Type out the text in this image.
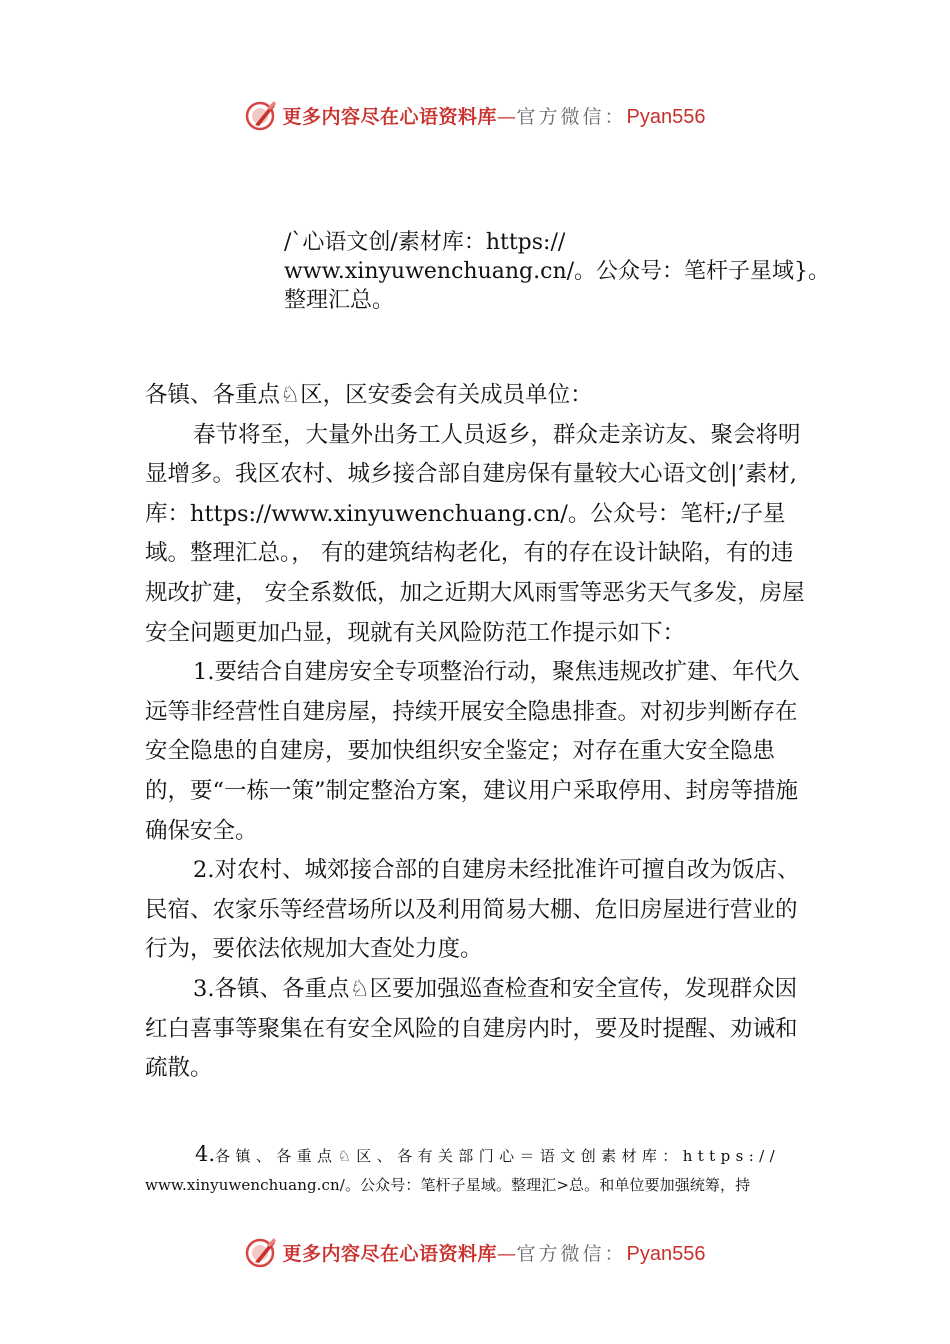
更多内容尽在心语资料库—官方微信：Pyan556
/`心语文创/素材库：https://
www.xinyuwenchuang.cn/。公众号：笔杆子星域}。
整理汇总。

各镇、各重点♘区，区安委会有关成员单位：

春节将至，大量外出务工人员返乡，群众走亲访友、聚会将明显增多。我区农村、城乡接合部自建房保有量较大心语文创|’素材,库：https://www.xinyuwenchuang.cn/。公众号：笔杆;/子星域。整理汇总。， 有的建筑结构老化，有的存在设计缺陷，有的违规改扩建， 安全系数低，加之近期大风雨雪等恶劣天气多发，房屋安全问题更加凸显，现就有关风险防范工作提示如下：

1.要结合自建房安全专项整治行动，聚焦违规改扩建、年代久远等非经营性自建房屋，持续开展安全隐患排查。对初步判断存在安全隐患的自建房，要加快组织安全鉴定；对存在重大安全隐患的，要“一栋一策”制定整治方案，建议用户采取停用、封房等措施确保安全。

2.对农村、城郊接合部的自建房未经批准许可擅自改为饭店、民宿、农家乐等经营场所以及利用简易大棚、危旧房屋进行营业的行为，要依法依规加大查处力度。

3.各镇、各重点♘区要加强巡查检查和安全宣传，发现群众因红白喜事等聚集在有安全风险的自建房内时，要及时提醒、劝诫和疏散。

4.各镇、各重点♘区、各有关部门心＝语文创素材库：https://
www.xinyuwenchuang.cn/。公众号：笔杆子星域。整理汇>总。和单位要加强统筹，持
更多内容尽在心语资料库—官方微信：Pyan556
